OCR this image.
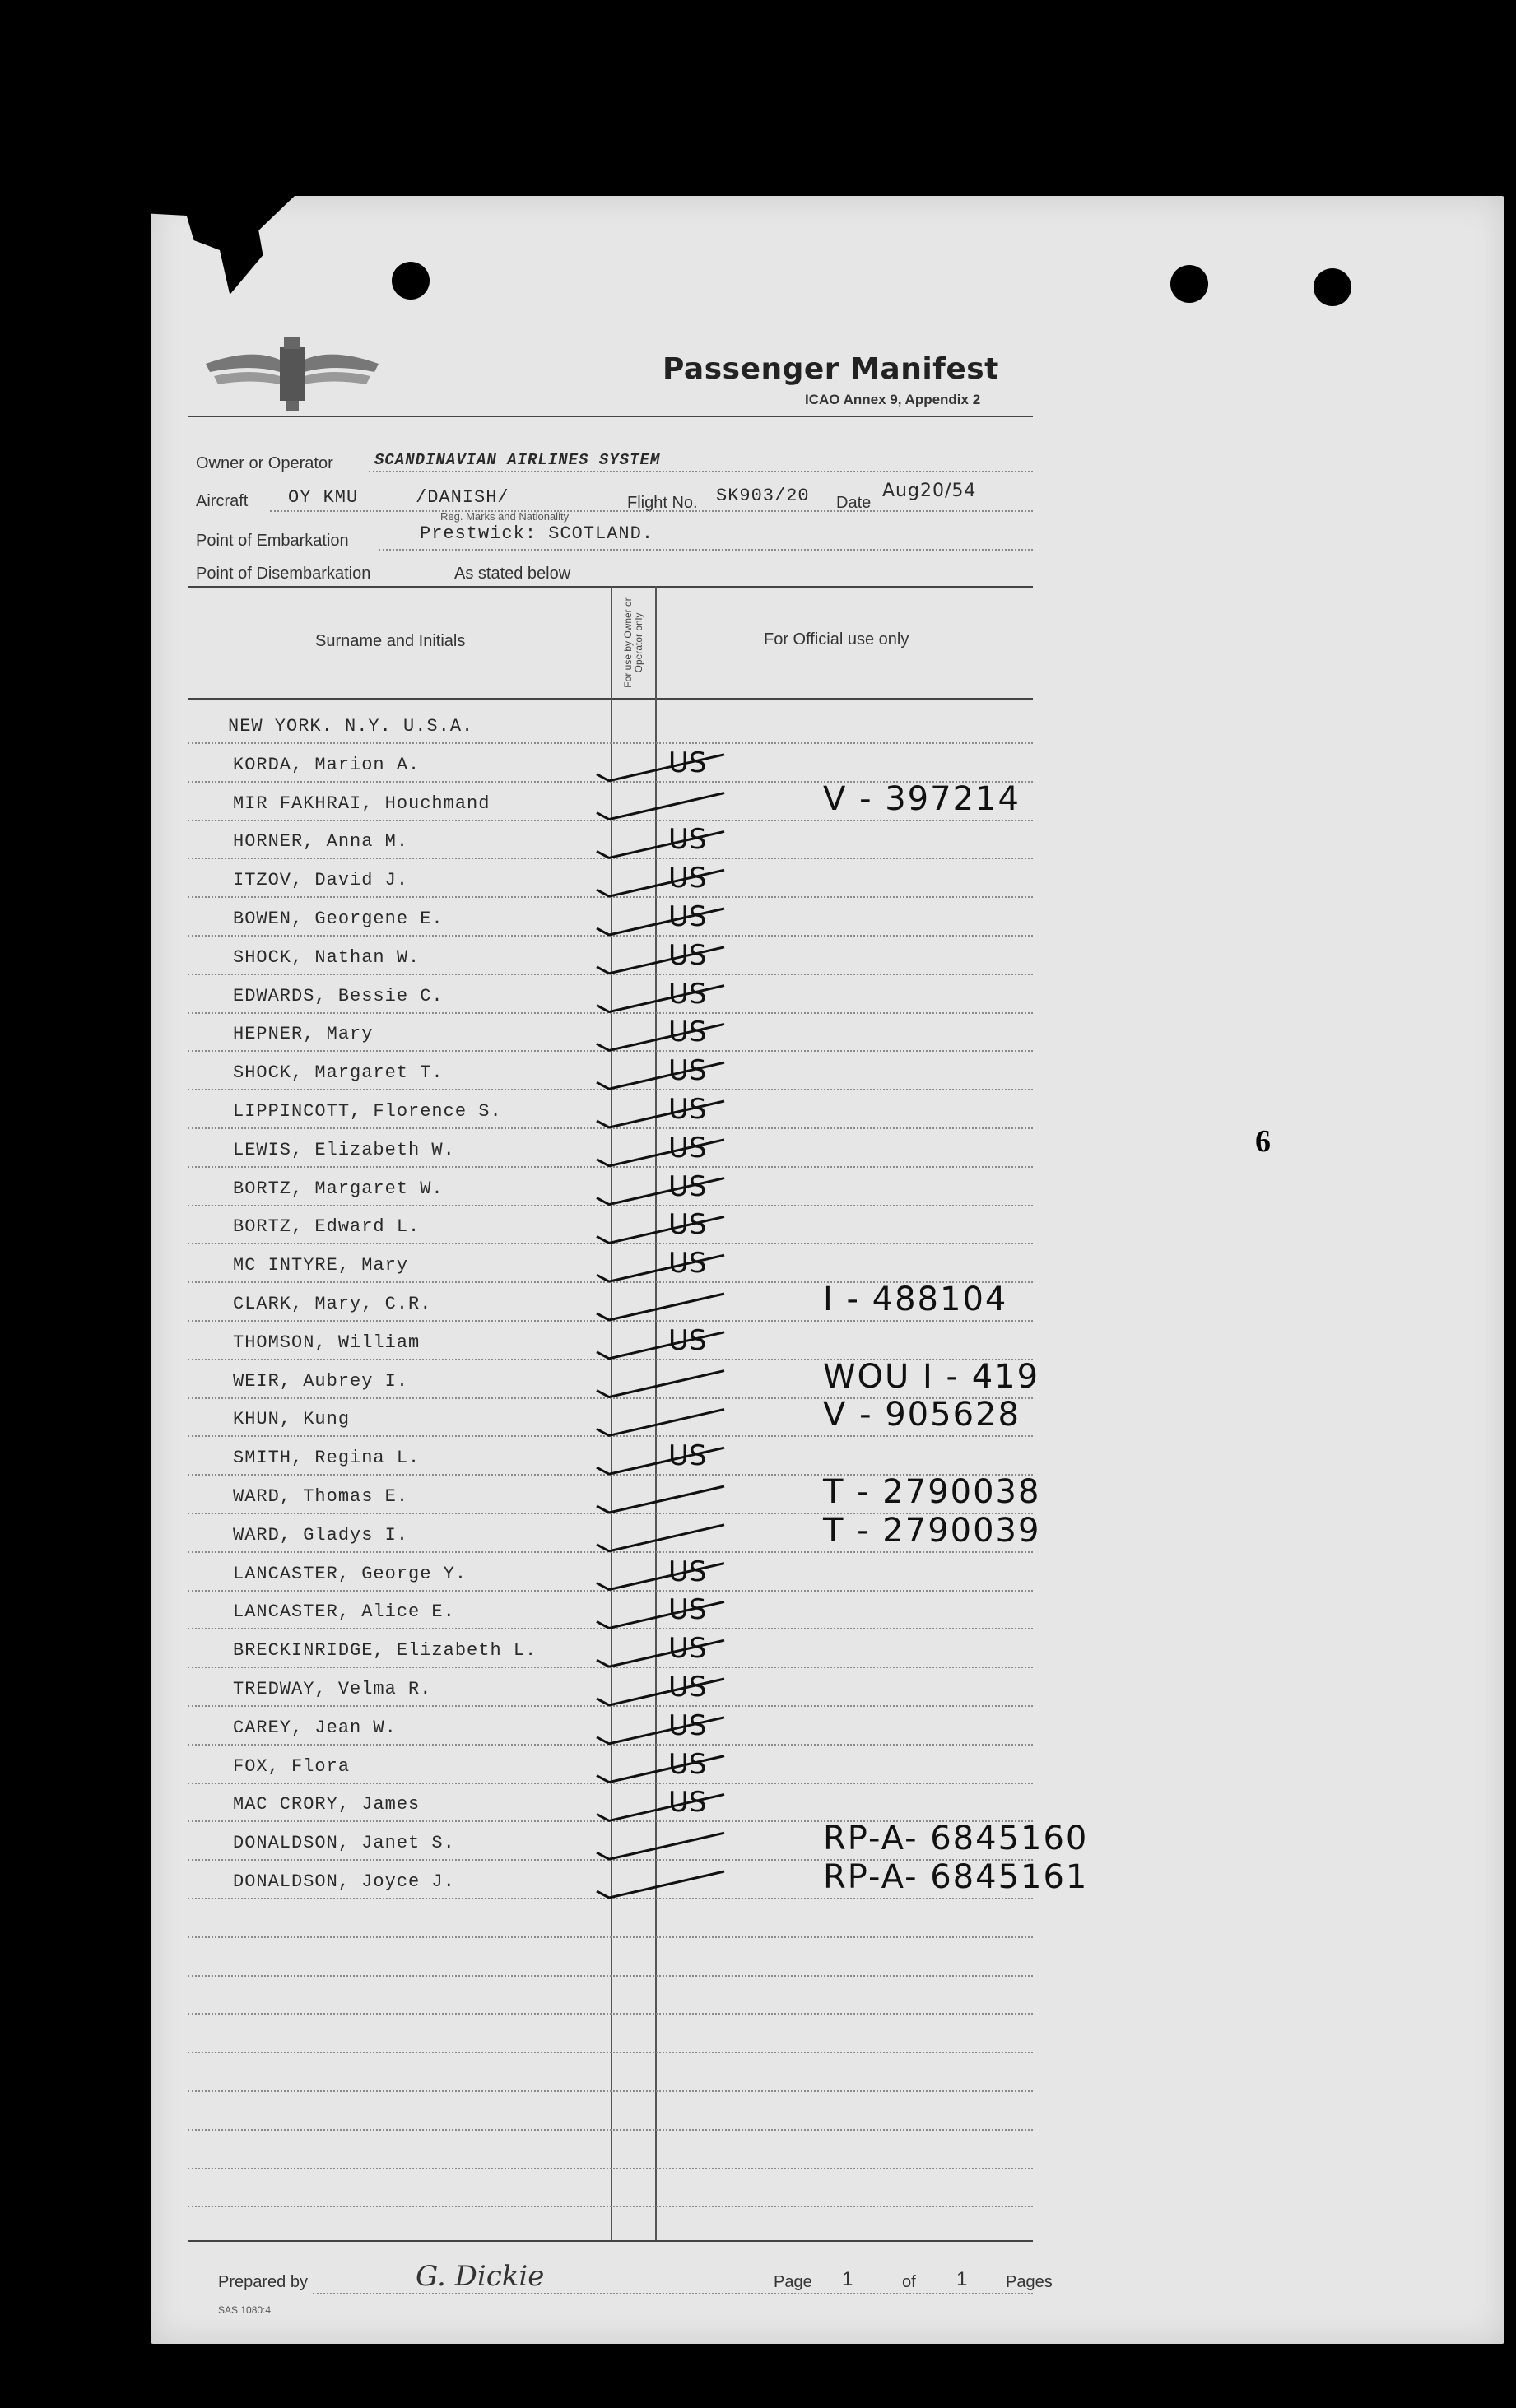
Passenger Manifest
ICAO Annex 9, Appendix 2
Owner or Operator	SCANDINAVIAN AIRLINES SYSTEM
Aircraft OY KMU	/DANISH/
Reg. Marks and Nationality
Flight No. SK903/20 Date
Aug20/54
Point of Embarkation	Prestwick: SCOTLAND.
Point of Disembarkation	As stated below
Surname and Initials	For Official use only
For use by Owner or Operator only
NEW YORK. N.Y. U.S.A.
KORDA, Marion A.	US
MIR FAKHRAI, Houchmand	V - 397214
HORNER, Anna M.	US
ITZOV, David J.	US
BOWEN, Georgene E.	US
SHOCK, Nathan W.	US
EDWARDS, Bessie C.	US
HEPNER, Mary	US
SHOCK, Margaret T.	US
LIPPINCOTT, Florence S.	US
LEWIS, Elizabeth W.	US
BORTZ, Margaret W.	US
BORTZ, Edward L.	US
MC INTYRE, Mary	US
CLARK, Mary, C.R.	I - 488104
THOMSON, William	US
WEIR, Aubrey I.	WOU I - 419
KHUN, Kung	V - 905628
SMITH, Regina L.	US
WARD, Thomas E.	T - 2790038
WARD, Gladys I.	T - 2790039
LANCASTER, George Y.	US
LANCASTER, Alice E.	US
BRECKINRIDGE, Elizabeth L.	US
TREDWAY, Velma R.	US
CAREY, Jean W.	US
FOX, Flora	US
MAC CRORY, James	US
DONALDSON, Janet S.	RP-A- 6845160
DONALDSON, Joyce J.	RP-A- 6845161
Prepared by	G. Dickie	Page 1	of 1 Pages
SAS 1080:4
6
